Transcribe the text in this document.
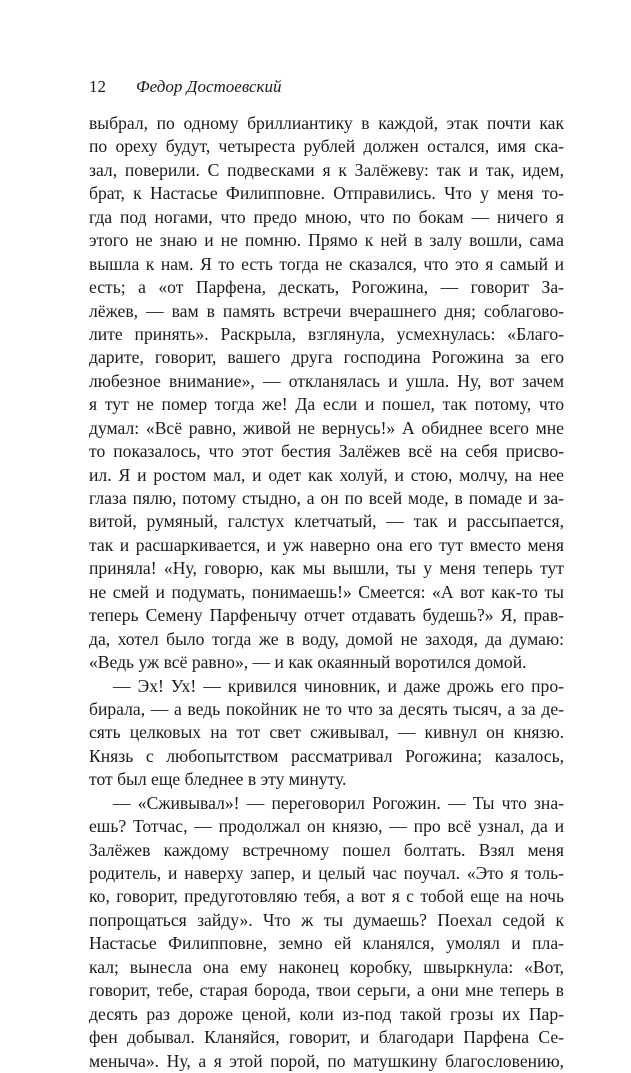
12 Федор Достоевский
выбрал, по одному бриллиантику в каждой, этак почти как
по ореху будут, четыреста рублей должен остался, имя ска-
зал, поверили. С подвесками я к Залёжеву: так и так, идем,
брат, к Настасье Филипповне. Отправились. Что у меня то-
гда под ногами, что предо мною, что по бокам — ничего я
этого не знаю и не помню. Прямо к ней в залу вошли, сама
вышла к нам. Я то есть тогда не сказался, что это я самый и
есть; а «от Парфена, дескать, Рогожина, — говорит За-
лёжев, — вам в память встречи вчерашнего дня; соблагово-
лите принять». Раскрыла, взглянула, усмехнулась: «Благо-
дарите, говорит, вашего друга господина Рогожина за его
любезное внимание», — откланялась и ушла. Ну, вот зачем
я тут не помер тогда же! Да если и пошел, так потому, что
думал: «Всё равно, живой не вернусь!» А обиднее всего мне
то показалось, что этот бестия Залёжев всё на себя присво-
ил. Я и ростом мал, и одет как холуй, и стою, молчу, на нее
глаза пялю, потому стыдно, а он по всей моде, в помаде и за-
витой, румяный, галстух клетчатый, — так и рассыпается,
так и расшаркивается, и уж наверно она его тут вместо меня
приняла! «Ну, говорю, как мы вышли, ты у меня теперь тут
не смей и подумать, понимаешь!» Смеется: «А вот как-то ты
теперь Семену Парфенычу отчет отдавать будешь?» Я, прав-
да, хотел было тогда же в воду, домой не заходя, да думаю:
«Ведь уж всё равно», — и как окаянный воротился домой.
— Эх! Ух! — кривился чиновник, и даже дрожь его про-
бирала, — а ведь покойник не то что за десять тысяч, а за де-
сять целковых на тот свет сживывал, — кивнул он князю.
Князь с любопытством рассматривал Рогожина; казалось,
тот был еще бледнее в эту минуту.
— «Сживывал»! — переговорил Рогожин. — Ты что зна-
ешь? Тотчас, — продолжал он князю, — про всё узнал, да и
Залёжев каждому встречному пошел болтать. Взял меня
родитель, и наверху запер, и целый час поучал. «Это я толь-
ко, говорит, предуготовляю тебя, а вот я с тобой еще на ночь
попрощаться зайду». Что ж ты думаешь? Поехал седой к
Настасье Филипповне, земно ей кланялся, умолял и пла-
кал; вынесла она ему наконец коробку, швыркнула: «Вот,
говорит, тебе, старая борода, твои серьги, а они мне теперь в
десять раз дороже ценой, коли из-под такой грозы их Пар-
фен добывал. Кланяйся, говорит, и благодари Парфена Се-
меныча». Ну, а я этой порой, по матушкину благословению,
